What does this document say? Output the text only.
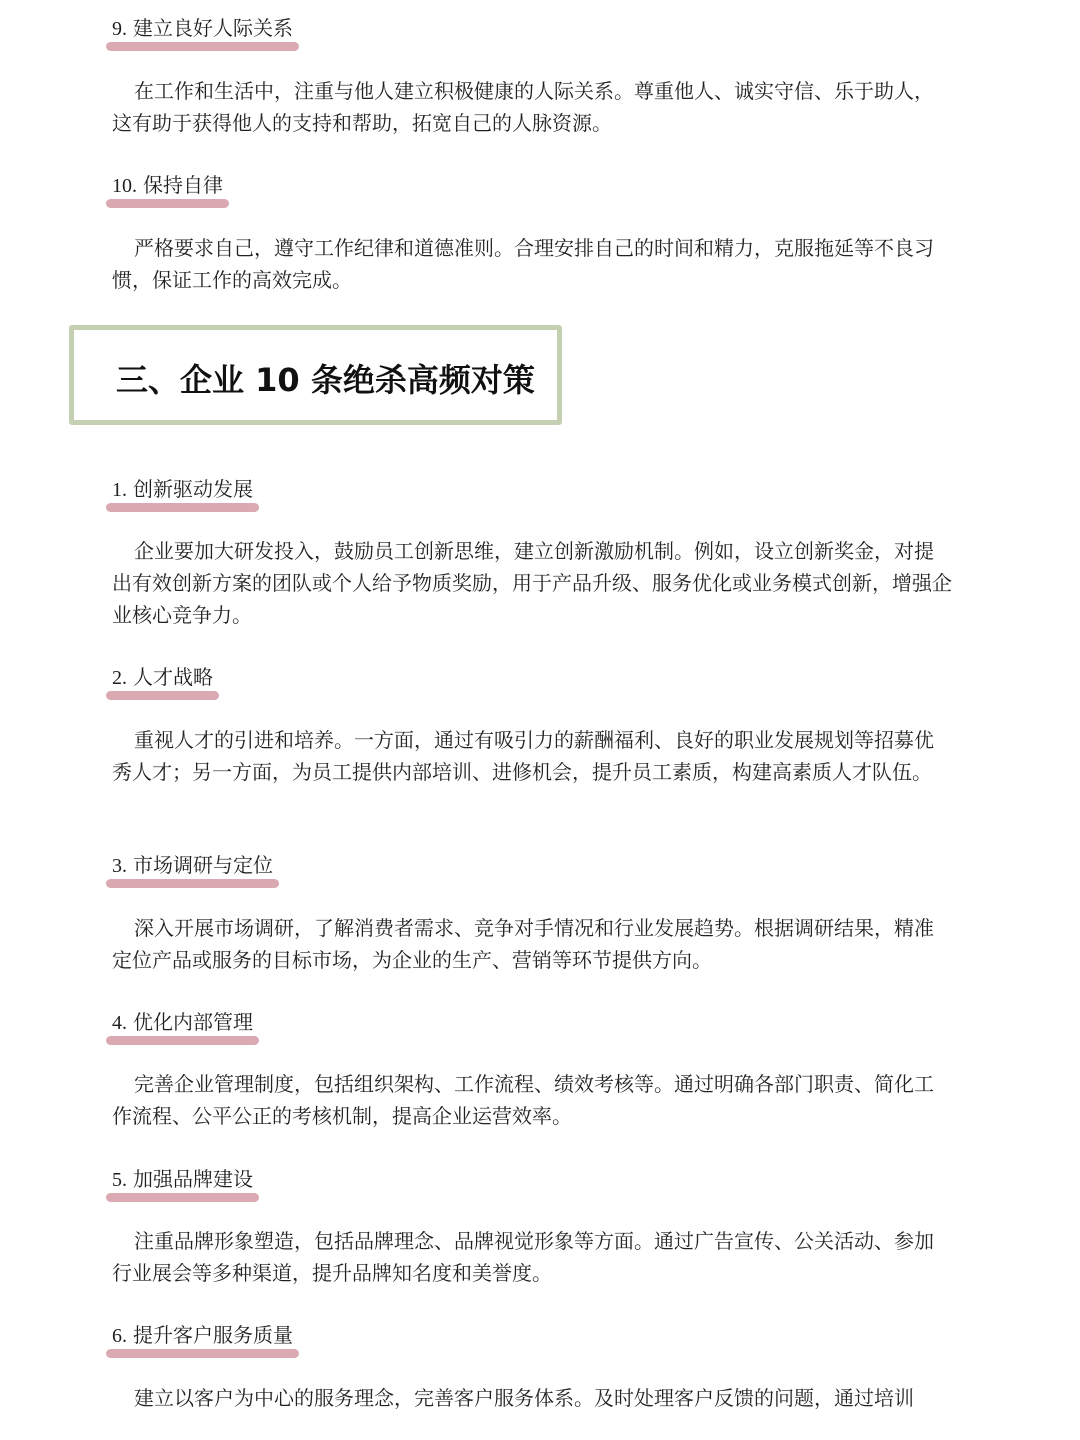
9. 建立良好人际关系

在工作和生活中，注重与他人建立积极健康的人际关系。尊重他人、诚实守信、乐于助人，这有助于获得他人的支持和帮助，拓宽自己的人脉资源。

10. 保持自律

严格要求自己，遵守工作纪律和道德准则。合理安排自己的时间和精力，克服拖延等不良习惯，保证工作的高效完成。

三、企业 10 条绝杀高频对策
1. 创新驱动发展

企业要加大研发投入，鼓励员工创新思维，建立创新激励机制。例如，设立创新奖金，对提出有效创新方案的团队或个人给予物质奖励，用于产品升级、服务优化或业务模式创新，增强企业核心竞争力。

2. 人才战略

重视人才的引进和培养。一方面，通过有吸引力的薪酬福利、良好的职业发展规划等招募优秀人才；另一方面，为员工提供内部培训、进修机会，提升员工素质，构建高素质人才队伍。

3. 市场调研与定位

深入开展市场调研，了解消费者需求、竞争对手情况和行业发展趋势。根据调研结果，精准定位产品或服务的目标市场，为企业的生产、营销等环节提供方向。

4. 优化内部管理

完善企业管理制度，包括组织架构、工作流程、绩效考核等。通过明确各部门职责、简化工作流程、公平公正的考核机制，提高企业运营效率。

5. 加强品牌建设

注重品牌形象塑造，包括品牌理念、品牌视觉形象等方面。通过广告宣传、公关活动、参加行业展会等多种渠道，提升品牌知名度和美誉度。

6. 提升客户服务质量

建立以客户为中心的服务理念，完善客户服务体系。及时处理客户反馈的问题，通过培训
